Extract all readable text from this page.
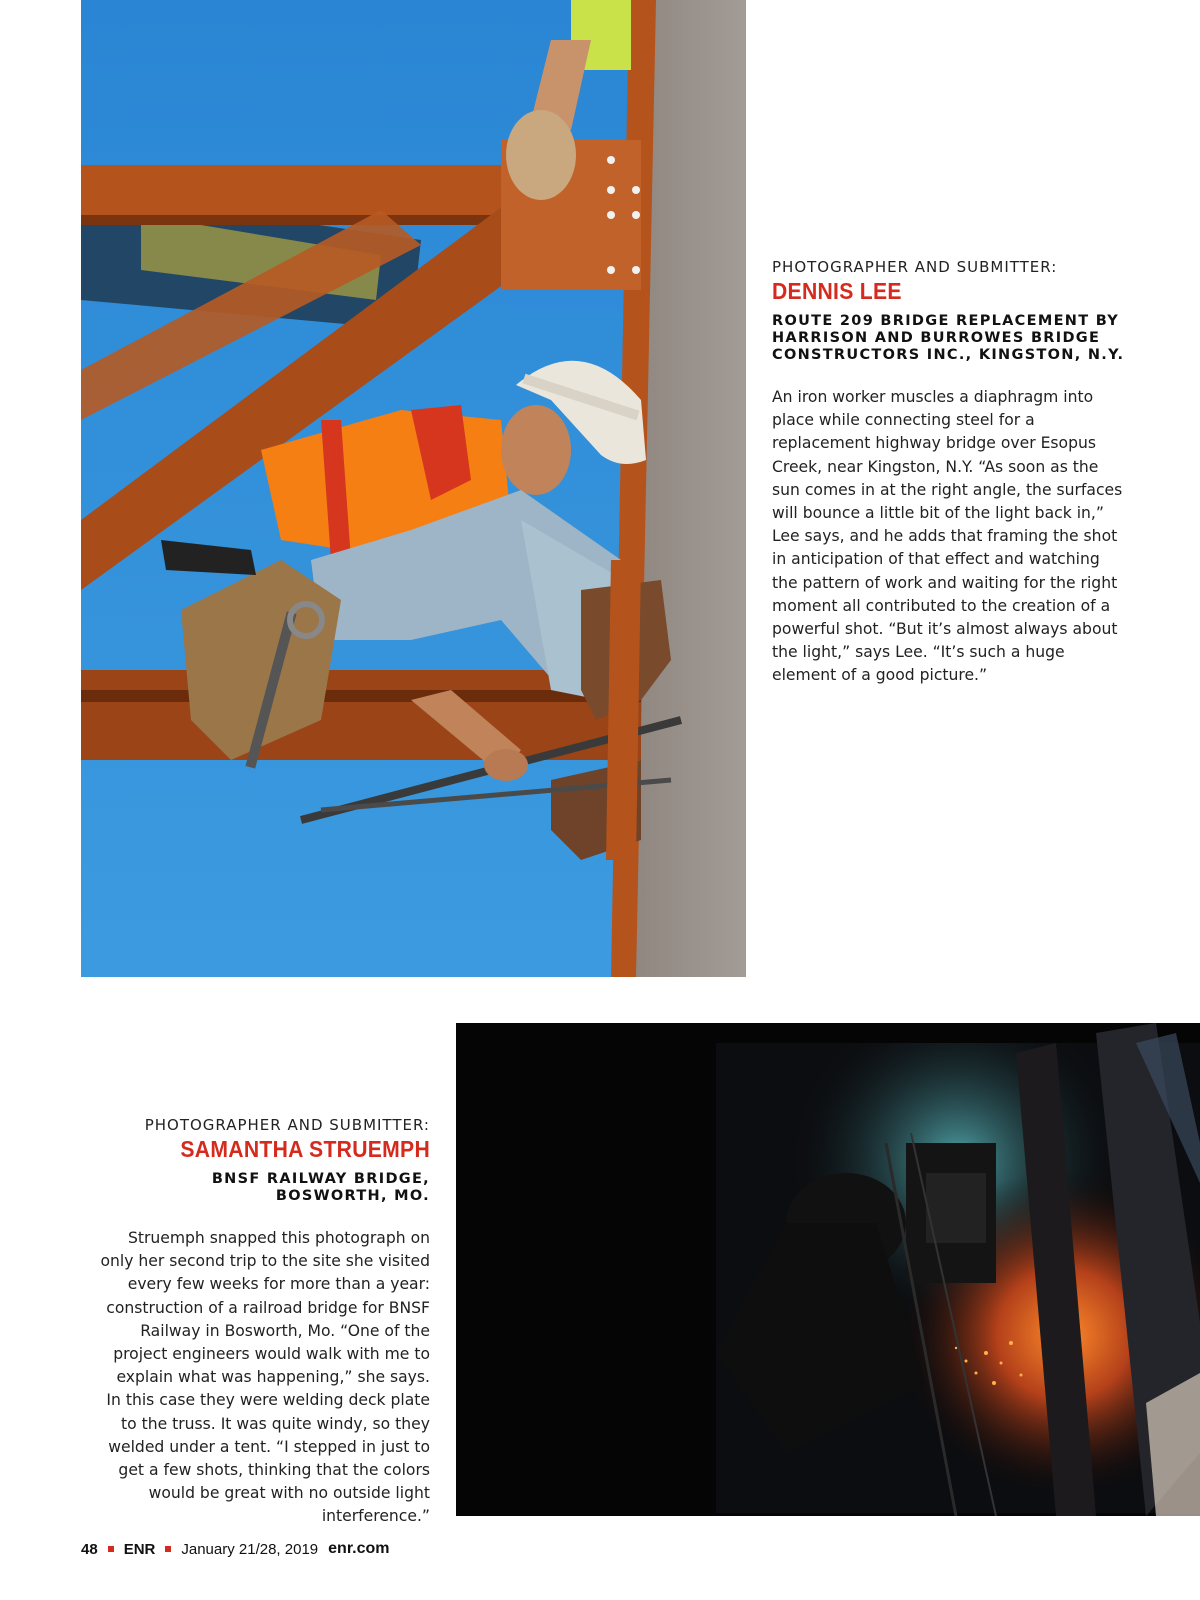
PHOTOGRAPHER AND SUBMITTER:

DENNIS LEE

ROUTE 209 BRIDGE REPLACEMENT BY HARRISON AND BURROWES BRIDGE CONSTRUCTORS INC., KINGSTON, N.Y.

An iron worker muscles a diaphragm into place while connecting steel for a replacement highway bridge over Esopus Creek, near Kingston, N.Y. “As soon as the sun comes in at the right angle, the surfaces will bounce a little bit of the light back in,” Lee says, and he adds that framing the shot in anticipation of that effect and watching the pattern of work and waiting for the right moment all contributed to the creation of a powerful shot. “But it’s almost always about the light,” says Lee. “It’s such a huge element of a good picture.”

PHOTOGRAPHER AND SUBMITTER:

SAMANTHA STRUEMPH

BNSF RAILWAY BRIDGE, BOSWORTH, MO.

Struemph snapped this photograph on only her second trip to the site she visited every few weeks for more than a year: construction of a railroad bridge for BNSF Railway in Bosworth, Mo. “One of the project engineers would walk with me to explain what was happening,” she says. In this case they were welding deck plate to the truss. It was quite windy, so they welded under a tent. “I stepped in just to get a few shots, thinking that the colors would be great with no outside light interference.”

48 ENR January 21/28, 2019 enr.com
